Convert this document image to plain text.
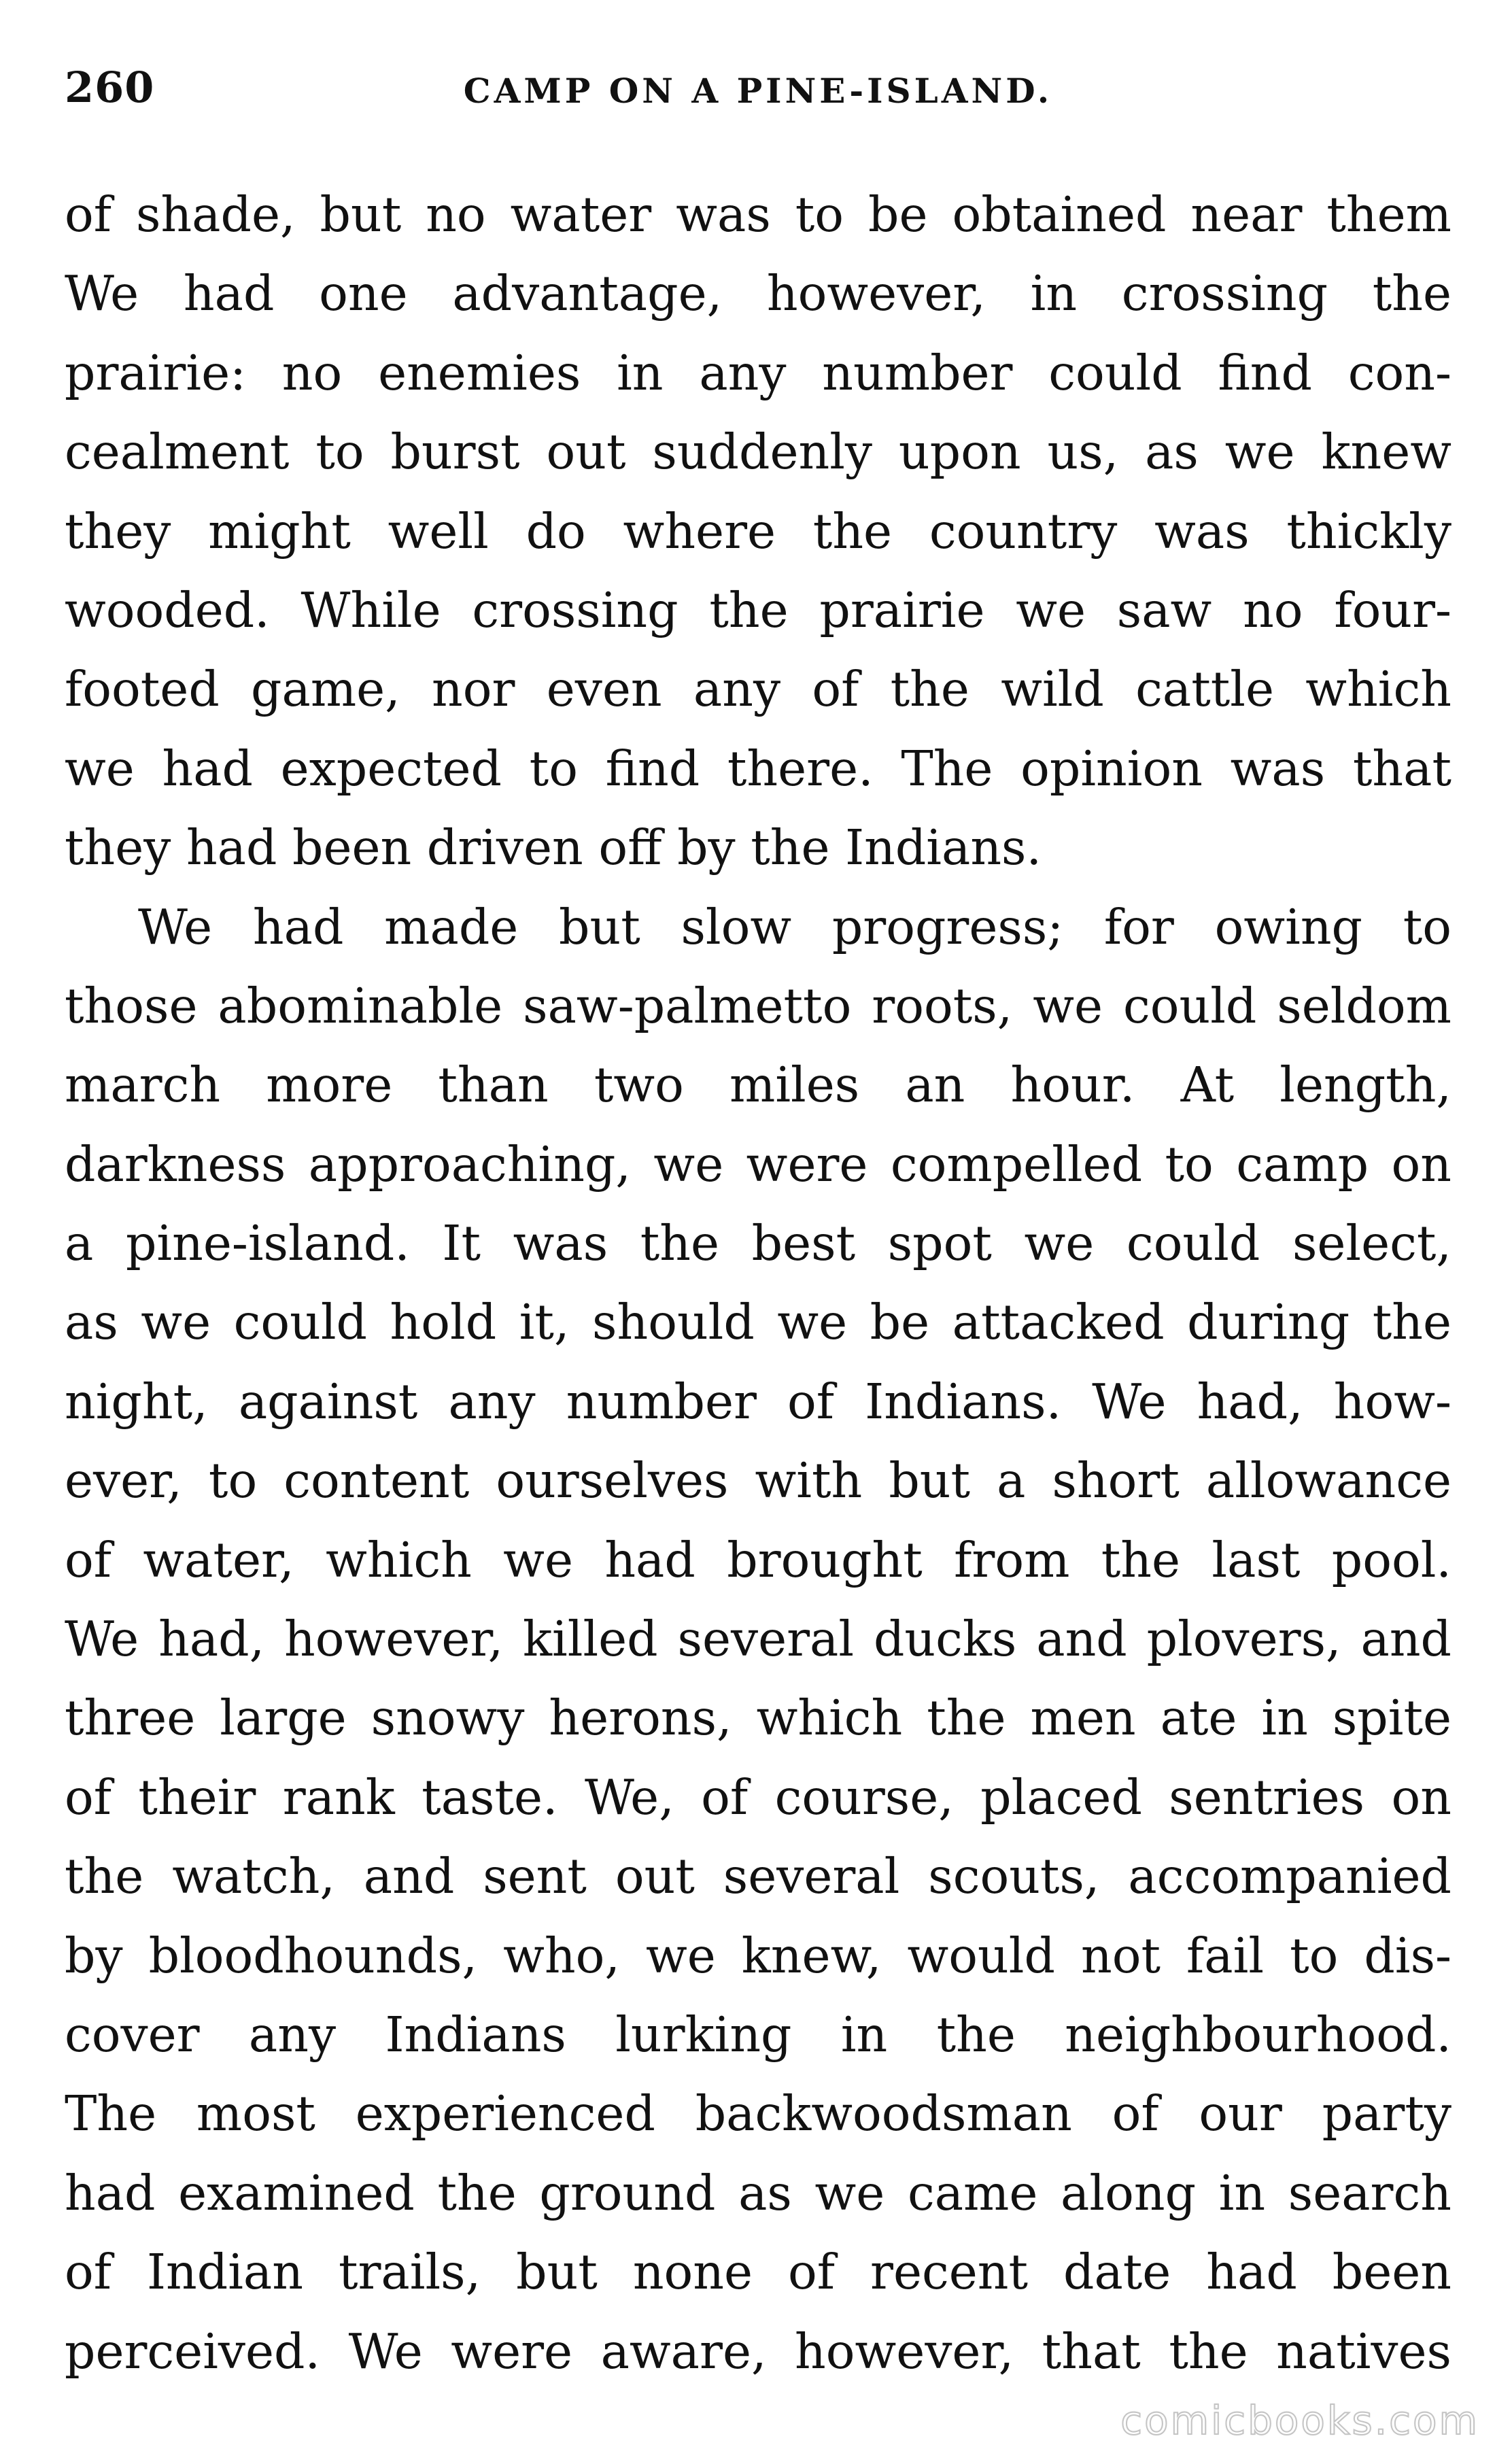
260	CAMP ON A PINE-ISLAND.
of shade, but no water was to be obtained near them
We had one advantage, however, in crossing the
prairie: no enemies in any number could find con-
cealment to burst out suddenly upon us, as we knew
they might well do where the country was thickly
wooded. While crossing the prairie we saw no four-
footed game, nor even any of the wild cattle which
we had expected to find there. The opinion was that
they had been driven off by the Indians.
We had made but slow progress; for owing to
those abominable saw-palmetto roots, we could seldom
march more than two miles an hour. At length,
darkness approaching, we were compelled to camp on
a pine-island. It was the best spot we could select,
as we could hold it, should we be attacked during the
night, against any number of Indians. We had, how-
ever, to content ourselves with but a short allowance
of water, which we had brought from the last pool.
We had, however, killed several ducks and plovers, and
three large snowy herons, which the men ate in spite
of their rank taste. We, of course, placed sentries on
the watch, and sent out several scouts, accompanied
by bloodhounds, who, we knew, would not fail to dis-
cover any Indians lurking in the neighbourhood.
The most experienced backwoodsman of our party
had examined the ground as we came along in search
of Indian trails, but none of recent date had been
perceived. We were aware, however, that the natives
comicbooks.com
